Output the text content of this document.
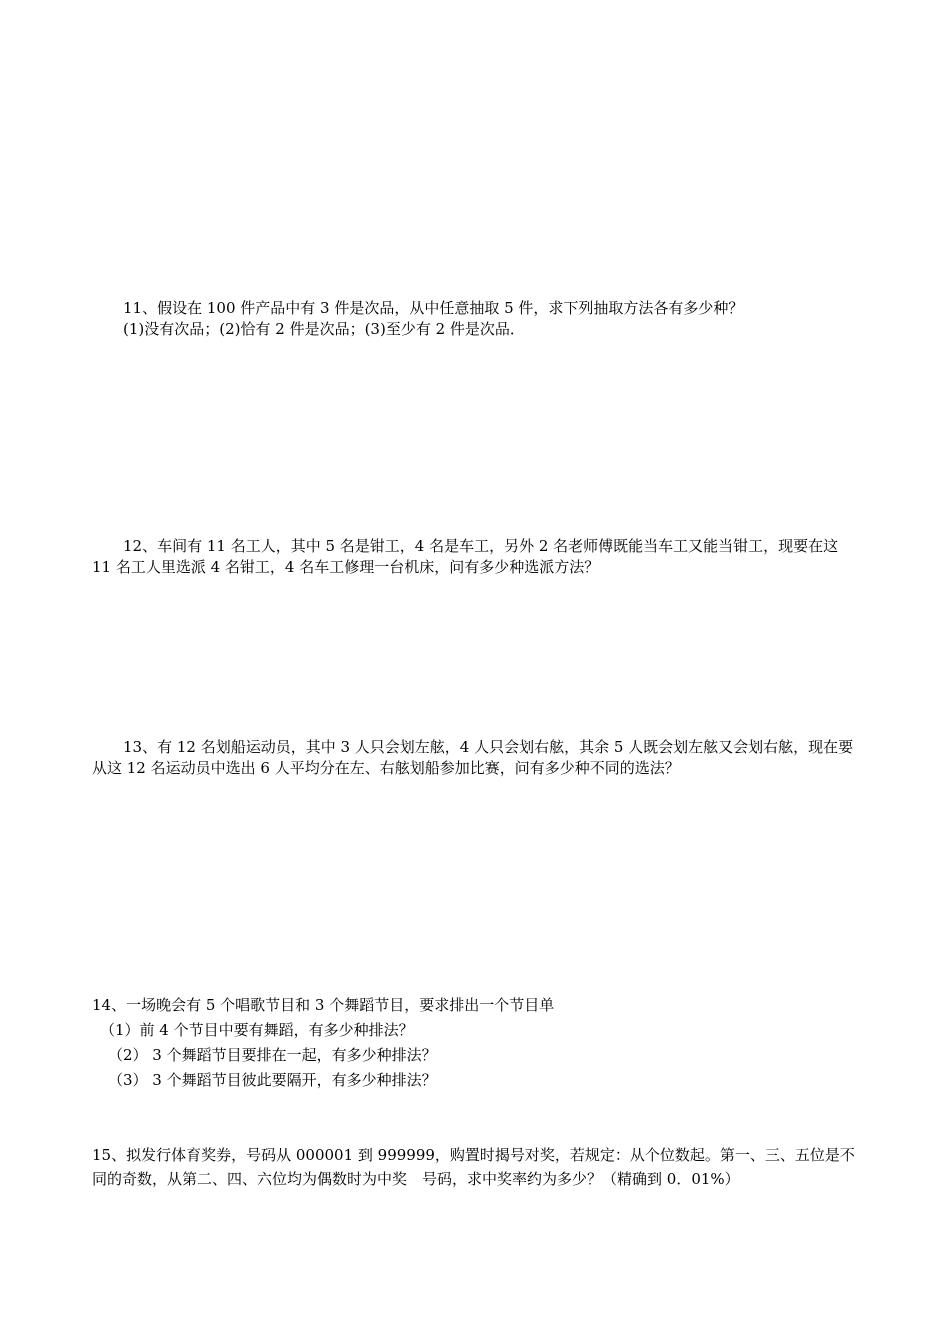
11、假设在 100 件产品中有 3 件是次品，从中任意抽取 5 件，求下列抽取方法各有多少种？
(1)没有次品；(2)恰有 2 件是次品；(3)至少有 2 件是次品．
12、车间有 11 名工人，其中 5 名是钳工，4 名是车工，另外 2 名老师傅既能当车工又能当钳工，现要在这 11 名工人里选派 4 名钳工，4 名车工修理一台机床，问有多少种选派方法？
13、有 12 名划船运动员，其中 3 人只会划左舷，4 人只会划右舷，其余 5 人既会划左舷又会划右舷，现在要从这 12 名运动员中选出 6 人平均分在左、右舷划船参加比赛，问有多少种不同的选法？
14、一场晚会有 5 个唱歌节目和 3 个舞蹈节目，要求排出一个节目单
（1）前 4 个节目中要有舞蹈，有多少种排法？
（2） 3 个舞蹈节目要排在一起，有多少种排法？
（3） 3 个舞蹈节目彼此要隔开，有多少种排法？
15、拟发行体育奖券，号码从 000001 到 999999，购置时揭号对奖，若规定：从个位数起。第一、三、五位是不同的奇数，从第二、四、六位均为偶数时为中奖　号码，求中奖率约为多少？（精确到 0．01%）
